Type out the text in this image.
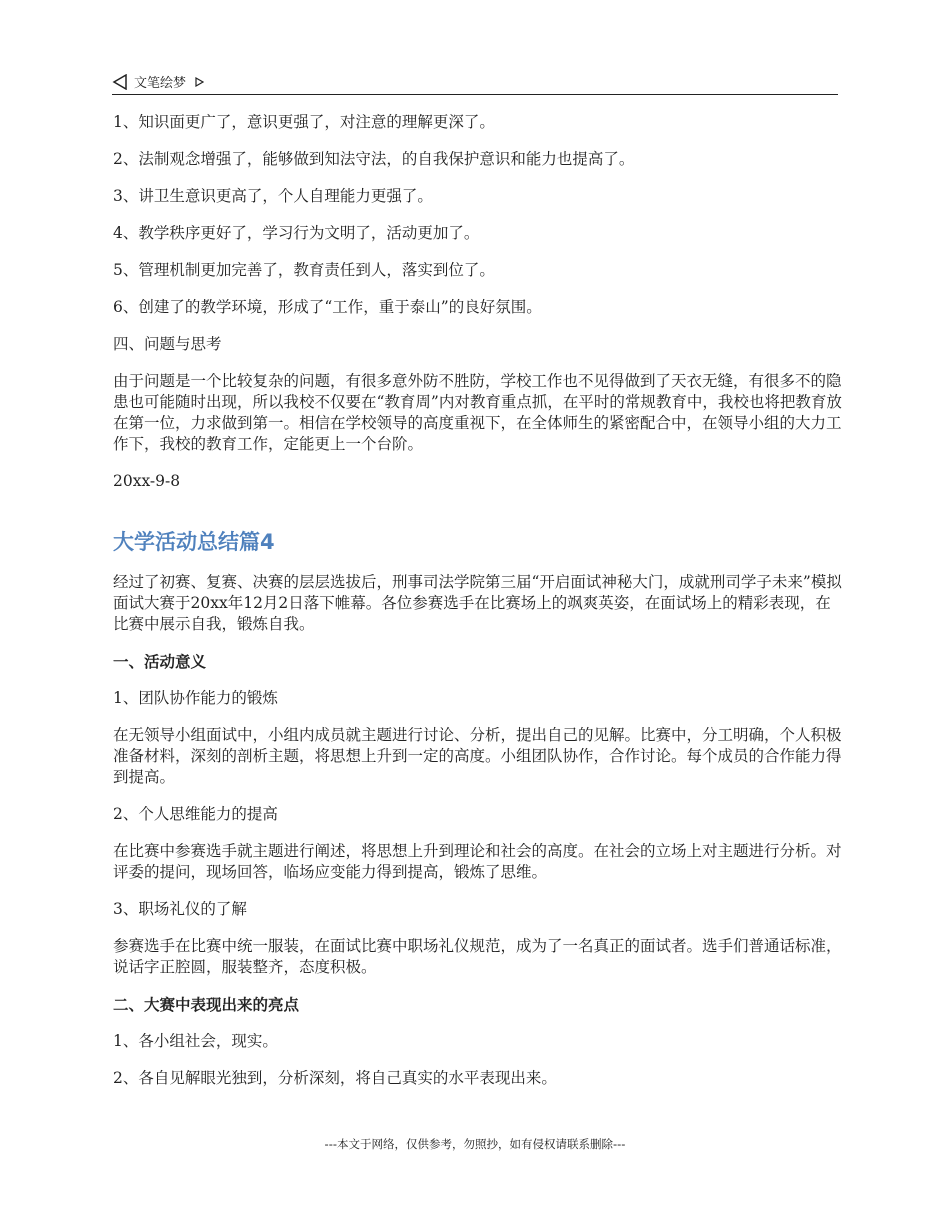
文笔绘梦

1、知识面更广了，意识更强了，对注意的理解更深了。

2、法制观念增强了，能够做到知法守法，的自我保护意识和能力也提高了。

3、讲卫生意识更高了，个人自理能力更强了。

4、教学秩序更好了，学习行为文明了，活动更加了。

5、管理机制更加完善了，教育责任到人，落实到位了。

6、创建了的教学环境，形成了“工作，重于泰山”的良好氛围。

四、问题与思考

由于问题是一个比较复杂的问题，有很多意外防不胜防，学校工作也不见得做到了天衣无缝，有很多不的隐患也可能随时出现，所以我校不仅要在“教育周”内对教育重点抓，在平时的常规教育中，我校也将把教育放在第一位，力求做到第一。相信在学校领导的高度重视下，在全体师生的紧密配合中，在领导小组的大力工作下，我校的教育工作，定能更上一个台阶。

20xx-9-8

大学活动总结篇4

经过了初赛、复赛、决赛的层层选拔后，刑事司法学院第三届“开启面试神秘大门，成就刑司学子未来”模拟面试大赛于20xx年12月2日落下帷幕。各位参赛选手在比赛场上的飒爽英姿，在面试场上的精彩表现，在比赛中展示自我，锻炼自我。

一、活动意义

1、团队协作能力的锻炼

在无领导小组面试中，小组内成员就主题进行讨论、分析，提出自己的见解。比赛中，分工明确，个人积极准备材料，深刻的剖析主题，将思想上升到一定的高度。小组团队协作，合作讨论。每个成员的合作能力得到提高。

2、个人思维能力的提高

在比赛中参赛选手就主题进行阐述，将思想上升到理论和社会的高度。在社会的立场上对主题进行分析。对评委的提问，现场回答，临场应变能力得到提高，锻炼了思维。

3、职场礼仪的了解

参赛选手在比赛中统一服装，在面试比赛中职场礼仪规范，成为了一名真正的面试者。选手们普通话标准，说话字正腔圆，服装整齐，态度积极。

二、大赛中表现出来的亮点

1、各小组社会，现实。

2、各自见解眼光独到，分析深刻，将自己真实的水平表现出来。

---本文于网络，仅供参考，勿照抄，如有侵权请联系删除---
